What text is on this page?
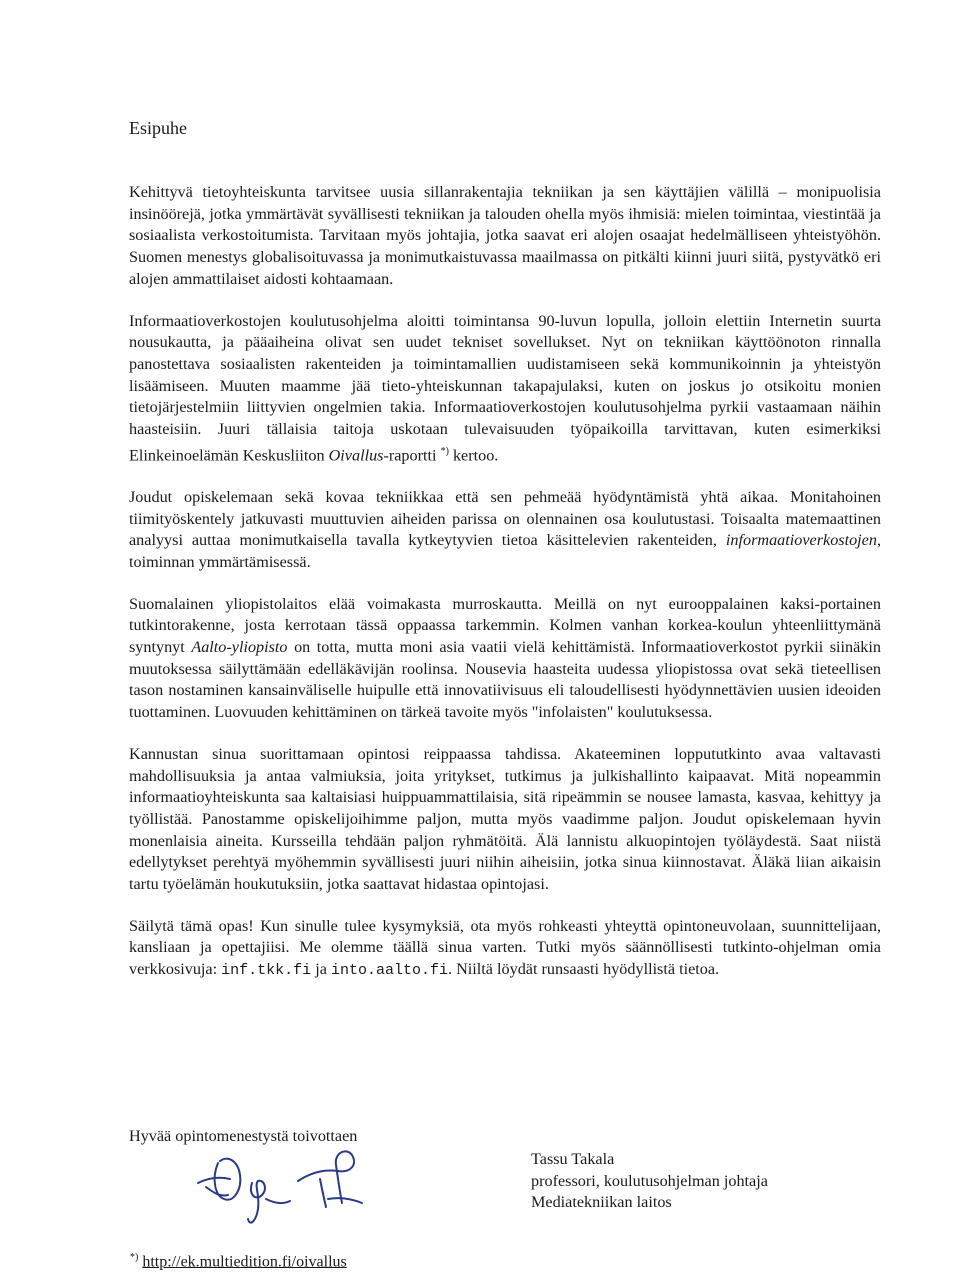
Esipuhe

Kehittyvä tietoyhteiskunta tarvitsee uusia sillanrakentajia tekniikan ja sen käyttäjien välillä – monipuolisia insinöörejä, jotka ymmärtävät syvällisesti tekniikan ja talouden ohella myös ihmisiä: mielen toimintaa, viestintää ja sosiaalista verkostoitumista. Tarvitaan myös johtajia, jotka saavat eri alojen osaajat hedelmälliseen yhteistyöhön. Suomen menestys globalisoituvassa ja monimutkaistuvassa maailmassa on pitkälti kiinni juuri siitä, pystyvätkö eri alojen ammattilaiset aidosti kohtaamaan.

Informaatioverkostojen koulutusohjelma aloitti toimintansa 90-luvun lopulla, jolloin elettiin Internetin suurta nousukautta, ja pääaiheina olivat sen uudet tekniset sovellukset. Nyt on tekniikan käyttöönoton rinnalla panostettava sosiaalisten rakenteiden ja toimintamallien uudistamiseen sekä kommunikoinnin ja yhteistyön lisäämiseen. Muuten maamme jää tieto-yhteiskunnan takapajulaksi, kuten on joskus jo otsikoitu monien tietojärjestelmiin liittyvien ongelmien takia. Informaatioverkostojen koulutusohjelma pyrkii vastaamaan näihin haasteisiin. Juuri tällaisia taitoja uskotaan tulevaisuuden työpaikoilla tarvittavan, kuten esimerkiksi Elinkeinoelämän Keskusliiton Oivallus-raportti *) kertoo.

Joudut opiskelemaan sekä kovaa tekniikkaa että sen pehmeää hyödyntämistä yhtä aikaa. Monitahoinen tiimityöskentely jatkuvasti muuttuvien aiheiden parissa on olennainen osa koulutustasi. Toisaalta matemaattinen analyysi auttaa monimutkaisella tavalla kytkeytyvien tietoa käsittelevien rakenteiden, informaatioverkostojen, toiminnan ymmärtämisessä.

Suomalainen yliopistolaitos elää voimakasta murroskautta. Meillä on nyt eurooppalainen kaksi-portainen tutkintorakenne, josta kerrotaan tässä oppaassa tarkemmin. Kolmen vanhan korkea-koulun yhteenliittymänä syntynyt Aalto-yliopisto on totta, mutta moni asia vaatii vielä kehittämistä. Informaatioverkostot pyrkii siinäkin muutoksessa säilyttämään edelläkävijän roolinsa. Nousevia haasteita uudessa yliopistossa ovat sekä tieteellisen tason nostaminen kansainväliselle huipulle että innovatiivisuus eli taloudellisesti hyödynnettävien uusien ideoiden tuottaminen. Luovuuden kehittäminen on tärkeä tavoite myös "infolaisten" koulutuksessa.

Kannustan sinua suorittamaan opintosi reippaassa tahdissa. Akateeminen loppututkinto avaa valtavasti mahdollisuuksia ja antaa valmiuksia, joita yritykset, tutkimus ja julkishallinto kaipaavat. Mitä nopeammin informaatioyhteiskunta saa kaltaisiasi huippuammattilaisia, sitä ripeämmin se nousee lamasta, kasvaa, kehittyy ja työllistää. Panostamme opiskelijoihimme paljon, mutta myös vaadimme paljon. Joudut opiskelemaan hyvin monenlaisia aineita. Kursseilla tehdään paljon ryhmätöitä. Älä lannistu alkuopintojen työläydestä. Saat niistä edellytykset perehtyä myöhemmin syvällisesti juuri niihin aiheisiin, jotka sinua kiinnostavat. Äläkä liian aikaisin tartu työelämän houkutuksiin, jotka saattavat hidastaa opintojasi.

Säilytä tämä opas! Kun sinulle tulee kysymyksiä, ota myös rohkeasti yhteyttä opintoneuvolaan, suunnittelijaan, kansliaan ja opettajiisi. Me olemme täällä sinua varten. Tutki myös säännöllisesti tutkinto-ohjelman omia verkkosivuja: inf.tkk.fi ja into.aalto.fi. Niiltä löydät runsaasti hyödyllistä tietoa.

Hyvää opintomenestystä toivottaen
Tassu Takala
professori, koulutusohjelman johtaja
Mediatekniikan laitos
*) http://ek.multiedition.fi/oivallus
